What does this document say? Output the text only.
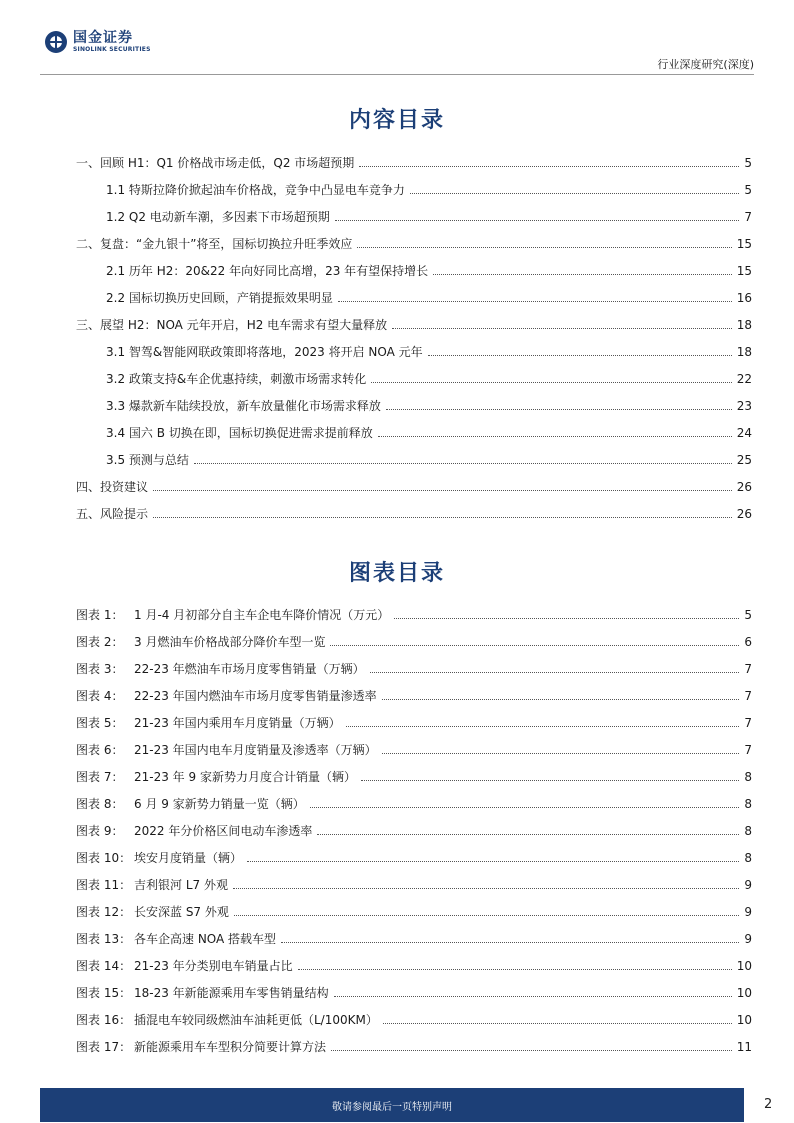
国金证券
SINOLINK SECURITIES
行业深度研究(深度)
内容目录
一、回顾 H1：Q1 价格战市场走低，Q2 市场超预期	5
1.1 特斯拉降价掀起油车价格战，竞争中凸显电车竞争力	5
1.2 Q2 电动新车潮，多因素下市场超预期	7
二、复盘：“金九银十”将至，国标切换拉升旺季效应	15
2.1 历年 H2：20&22 年向好同比高增，23 年有望保持增长	15
2.2 国标切换历史回顾，产销提振效果明显	16
三、展望 H2：NOA 元年开启，H2 电车需求有望大量释放	18
3.1 智驾&智能网联政策即将落地，2023 将开启 NOA 元年	18
3.2 政策支持&车企优惠持续，刺激市场需求转化	22
3.3 爆款新车陆续投放，新车放量催化市场需求释放	23
3.4 国六 B 切换在即，国标切换促进需求提前释放	24
3.5 预测与总结	25
四、投资建议	26
五、风险提示	26
图表目录
图表 1： 1 月-4 月初部分自主车企电车降价情况（万元）	5
图表 2： 3 月燃油车价格战部分降价车型一览	6
图表 3： 22-23 年燃油车市场月度零售销量（万辆）	7
图表 4： 22-23 年国内燃油车市场月度零售销量渗透率	7
图表 5： 21-23 年国内乘用车月度销量（万辆）	7
图表 6： 21-23 年国内电车月度销量及渗透率（万辆）	7
图表 7： 21-23 年 9 家新势力月度合计销量（辆）	8
图表 8： 6 月 9 家新势力销量一览（辆）	8
图表 9： 2022 年分价格区间电动车渗透率	8
图表 10： 埃安月度销量（辆）	8
图表 11： 吉利银河 L7 外观	9
图表 12： 长安深蓝 S7 外观	9
图表 13： 各车企高速 NOA 搭载车型	9
图表 14： 21-23 年分类别电车销量占比	10
图表 15： 18-23 年新能源乘用车零售销量结构	10
图表 16： 插混电车较同级燃油车油耗更低（L/100KM）	10
图表 17： 新能源乘用车车型积分简要计算方法	11
敬请参阅最后一页特别声明	2
